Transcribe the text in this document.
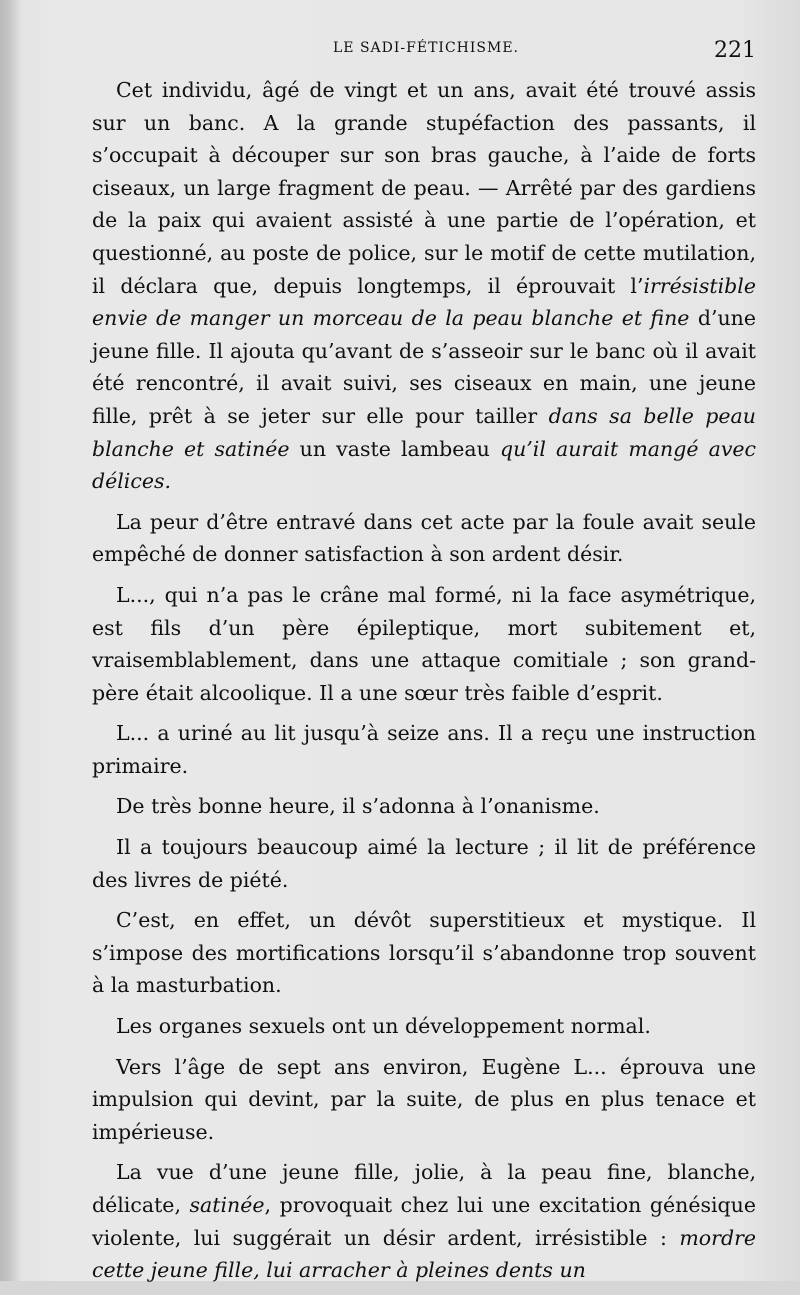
LE SADI-FÉTICHISME.	221

Cet individu, âgé de vingt et un ans, avait été trouvé assis sur un banc. A la grande stupéfaction des passants, il s’occupait à découper sur son bras gauche, à l’aide de forts ciseaux, un large fragment de peau. — Arrêté par des gardiens de la paix qui avaient assisté à une partie de l’opération, et questionné, au poste de police, sur le motif de cette mutilation, il déclara que, depuis longtemps, il éprouvait l’irrésistible envie de manger un morceau de la peau blanche et fine d’une jeune fille. Il ajouta qu’avant de s’asseoir sur le banc où il avait été rencontré, il avait suivi, ses ciseaux en main, une jeune fille, prêt à se jeter sur elle pour tailler dans sa belle peau blanche et satinée un vaste lambeau qu’il aurait mangé avec délices.

La peur d’être entravé dans cet acte par la foule avait seule empêché de donner satisfaction à son ardent désir.

L..., qui n’a pas le crâne mal formé, ni la face asymétrique, est fils d’un père épileptique, mort subitement et, vraisemblablement, dans une attaque comitiale ; son grand-père était alcoolique. Il a une sœur très faible d’esprit.

L... a uriné au lit jusqu’à seize ans. Il a reçu une instruction primaire.

De très bonne heure, il s’adonna à l’onanisme.

Il a toujours beaucoup aimé la lecture ; il lit de préférence des livres de piété.

C’est, en effet, un dévôt superstitieux et mystique. Il s’impose des mortifications lorsqu’il s’abandonne trop souvent à la masturbation.

Les organes sexuels ont un développement normal.

Vers l’âge de sept ans environ, Eugène L... éprouva une impulsion qui devint, par la suite, de plus en plus tenace et impérieuse.

La vue d’une jeune fille, jolie, à la peau fine, blanche, délicate, satinée, provoquait chez lui une excitation génésique violente, lui suggérait un désir ardent, irrésistible : mordre cette jeune fille, lui arracher à pleines dents un
